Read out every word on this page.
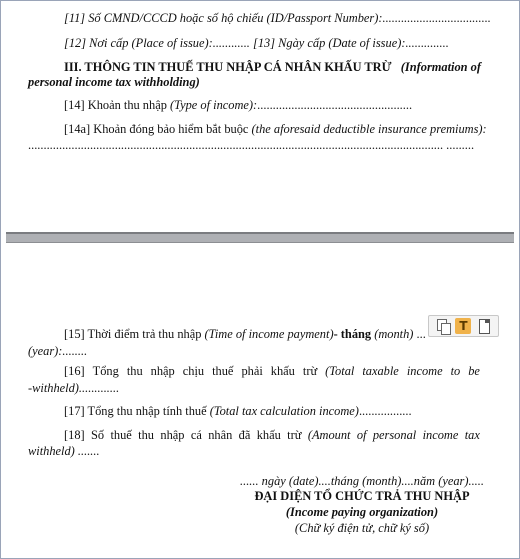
[11] Số CMND/CCCD hoặc số hộ chiếu (ID/Passport Number):...................................
[12] Nơi cấp (Place of issue):............ [13] Ngày cấp (Date of issue):..............
III. THÔNG TIN THUẾ THU NHẬP CÁ NHÂN KHẤU TRỪ (Information of
personal income tax withholding)
[14] Khoản thu nhập (Type of income):..................................................
[14a] Khoản đóng bảo hiểm bắt buộc (the aforesaid deductible insurance premiums):
...................................................................................................................................... .........
[15] Thời điểm trả thu nhập (Time of income payment)- tháng (month) ...
(year):........
[16] Tổng thu nhập chịu thuế phải khấu trừ (Total taxable income to be
-withheld).............
[17] Tổng thu nhập tính thuế (Total tax calculation income).................
[18] Số thuế thu nhập cá nhân đã khấu trừ (Amount of personal income tax
withheld) .......
...... ngày (date)....tháng (month)....năm (year).....
ĐẠI DIỆN TỔ CHỨC TRẢ THU NHẬP
(Income paying organization)
(Chữ ký điện tử, chữ ký số)
T
